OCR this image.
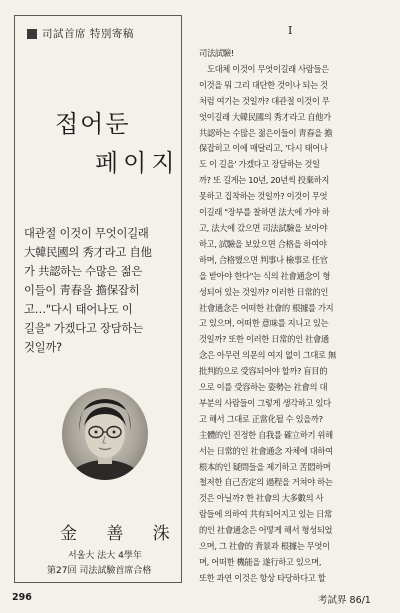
司試首席 特別寄稿
접어둔
페이지
대관절 이것이 무엇이길래
大韓民國의 秀才라고 自他
가 共認하는 수많은 젊은
이들이 靑春을 擔保잡히
고…"다시 태어나도 이
길을" 가겠다고 장담하는
것일까?
金 善 洙
서울大 法大 4學年
第27回 司法試驗首席合格
I
司法試驗!
　도대체 이것이 무엇이길래 사람들은
이것을 뭐 그리 대단한 것이나 되는 것
처럼 여기는 것일까? 대관절 이것이 무
엇이길래 大韓民國의 秀才라고 自他가
共認하는 수많은 젊은이들이 靑春을 擔
保잡히고 이에 매달리고, '다시 태어나
도 이 길을' 가겠다고 장담하는 것일
까? 또 길게는 10년, 20년씩 投棄하지
못하고 집착하는 것일까? 이것이 무엇
이길래 "장부를 찰하면 法大에 가야 하
고, 法大에 갔으면 司法試驗을 보아야
하고, 試驗을 보았으면 合格을 하여야
하며, 合格했으면 判事나 檢事로 任官
을 받아야 한다"는 식의 社會通念이 형
성되어 있는 것일까? 이러한 日常的인
社會通念은 어떠한 社會的 根據를 가지
고 있으며, 어떠한 意味를 지니고 있는
것일까? 또한 이러한 日常的인 社會通
念은 아무런 의문의 여지 없이 그대로 無
批判的으로 受容되어야 할까? 盲目的
으로 이를 受容하는 姿勢는 社會의 대
부분의 사람들이 그렇게 생각하고 있다
고 해서 그대로 正當化될 수 있을까?
主體的인 진정한 自我를 確立하기 위해
서는 日常的인 社會通念 자체에 대하여
根本的인 疑問들을 제기하고 苦悶하며
철저한 自己否定의 過程을 거쳐야 하는
것은 아닐까? 한 社會의 大多數의 사
람들에 의하여 共有되어지고 있는 日常
的인 社會通念은 어떻게 해서 형성되었
으며, 그 社會的 背景과 根據는 무엇이
며, 어떠한 機能을 遂行하고 있으며,
또한 과연 이것은 항상 타당하다고 할
296	考試界 86/1
